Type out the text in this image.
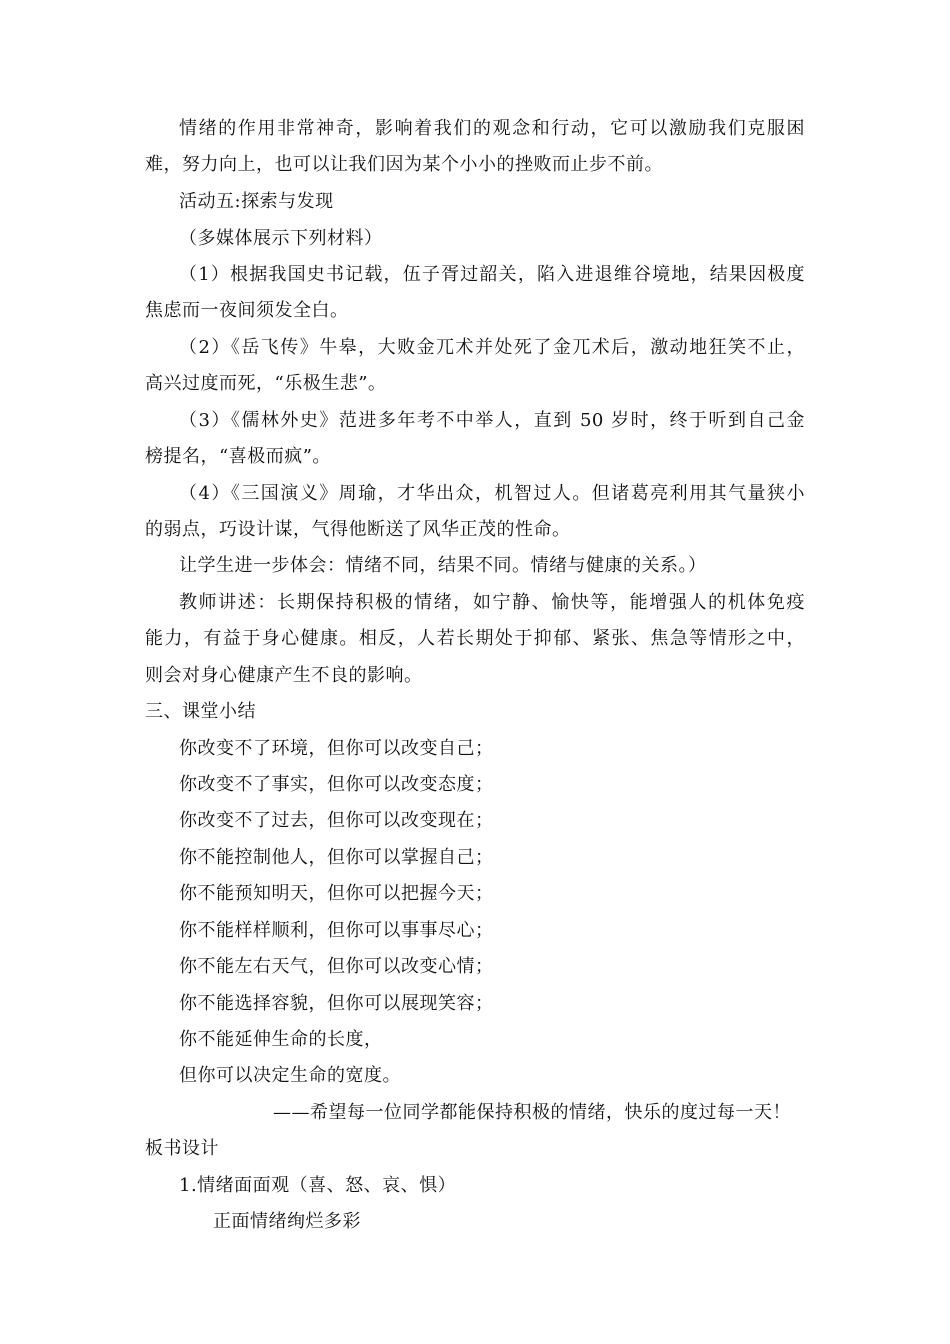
情绪的作用非常神奇，影响着我们的观念和行动，它可以激励我们克服困
难，努力向上，也可以让我们因为某个小小的挫败而止步不前。
活动五:探索与发现
（多媒体展示下列材料）
（1）根据我国史书记载，伍子胥过韶关，陷入进退维谷境地，结果因极度
焦虑而一夜间须发全白。
（2）《岳飞传》牛皋，大败金兀术并处死了金兀术后，激动地狂笑不止，
高兴过度而死，“乐极生悲”。
（3）《儒林外史》范进多年考不中举人，直到 50 岁时，终于听到自己金
榜提名，“喜极而疯”。
（4）《三国演义》周瑜，才华出众，机智过人。但诸葛亮利用其气量狭小
的弱点，巧设计谋，气得他断送了风华正茂的性命。
让学生进一步体会：情绪不同，结果不同。情绪与健康的关系。）
教师讲述：长期保持积极的情绪，如宁静、愉快等，能增强人的机体免疫
能力，有益于身心健康。相反，人若长期处于抑郁、紧张、焦急等情形之中，
则会对身心健康产生不良的影响。
三、课堂小结
你改变不了环境，但你可以改变自己；
你改变不了事实，但你可以改变态度；
你改变不了过去，但你可以改变现在；
你不能控制他人，但你可以掌握自己；
你不能预知明天，但你可以把握今天；
你不能样样顺利，但你可以事事尽心；
你不能左右天气，但你可以改变心情；
你不能选择容貌，但你可以展现笑容；
你不能延伸生命的长度，
但你可以决定生命的宽度。
——希望每一位同学都能保持积极的情绪，快乐的度过每一天！
板书设计
1.情绪面面观（喜、怒、哀、惧）
正面情绪绚烂多彩
